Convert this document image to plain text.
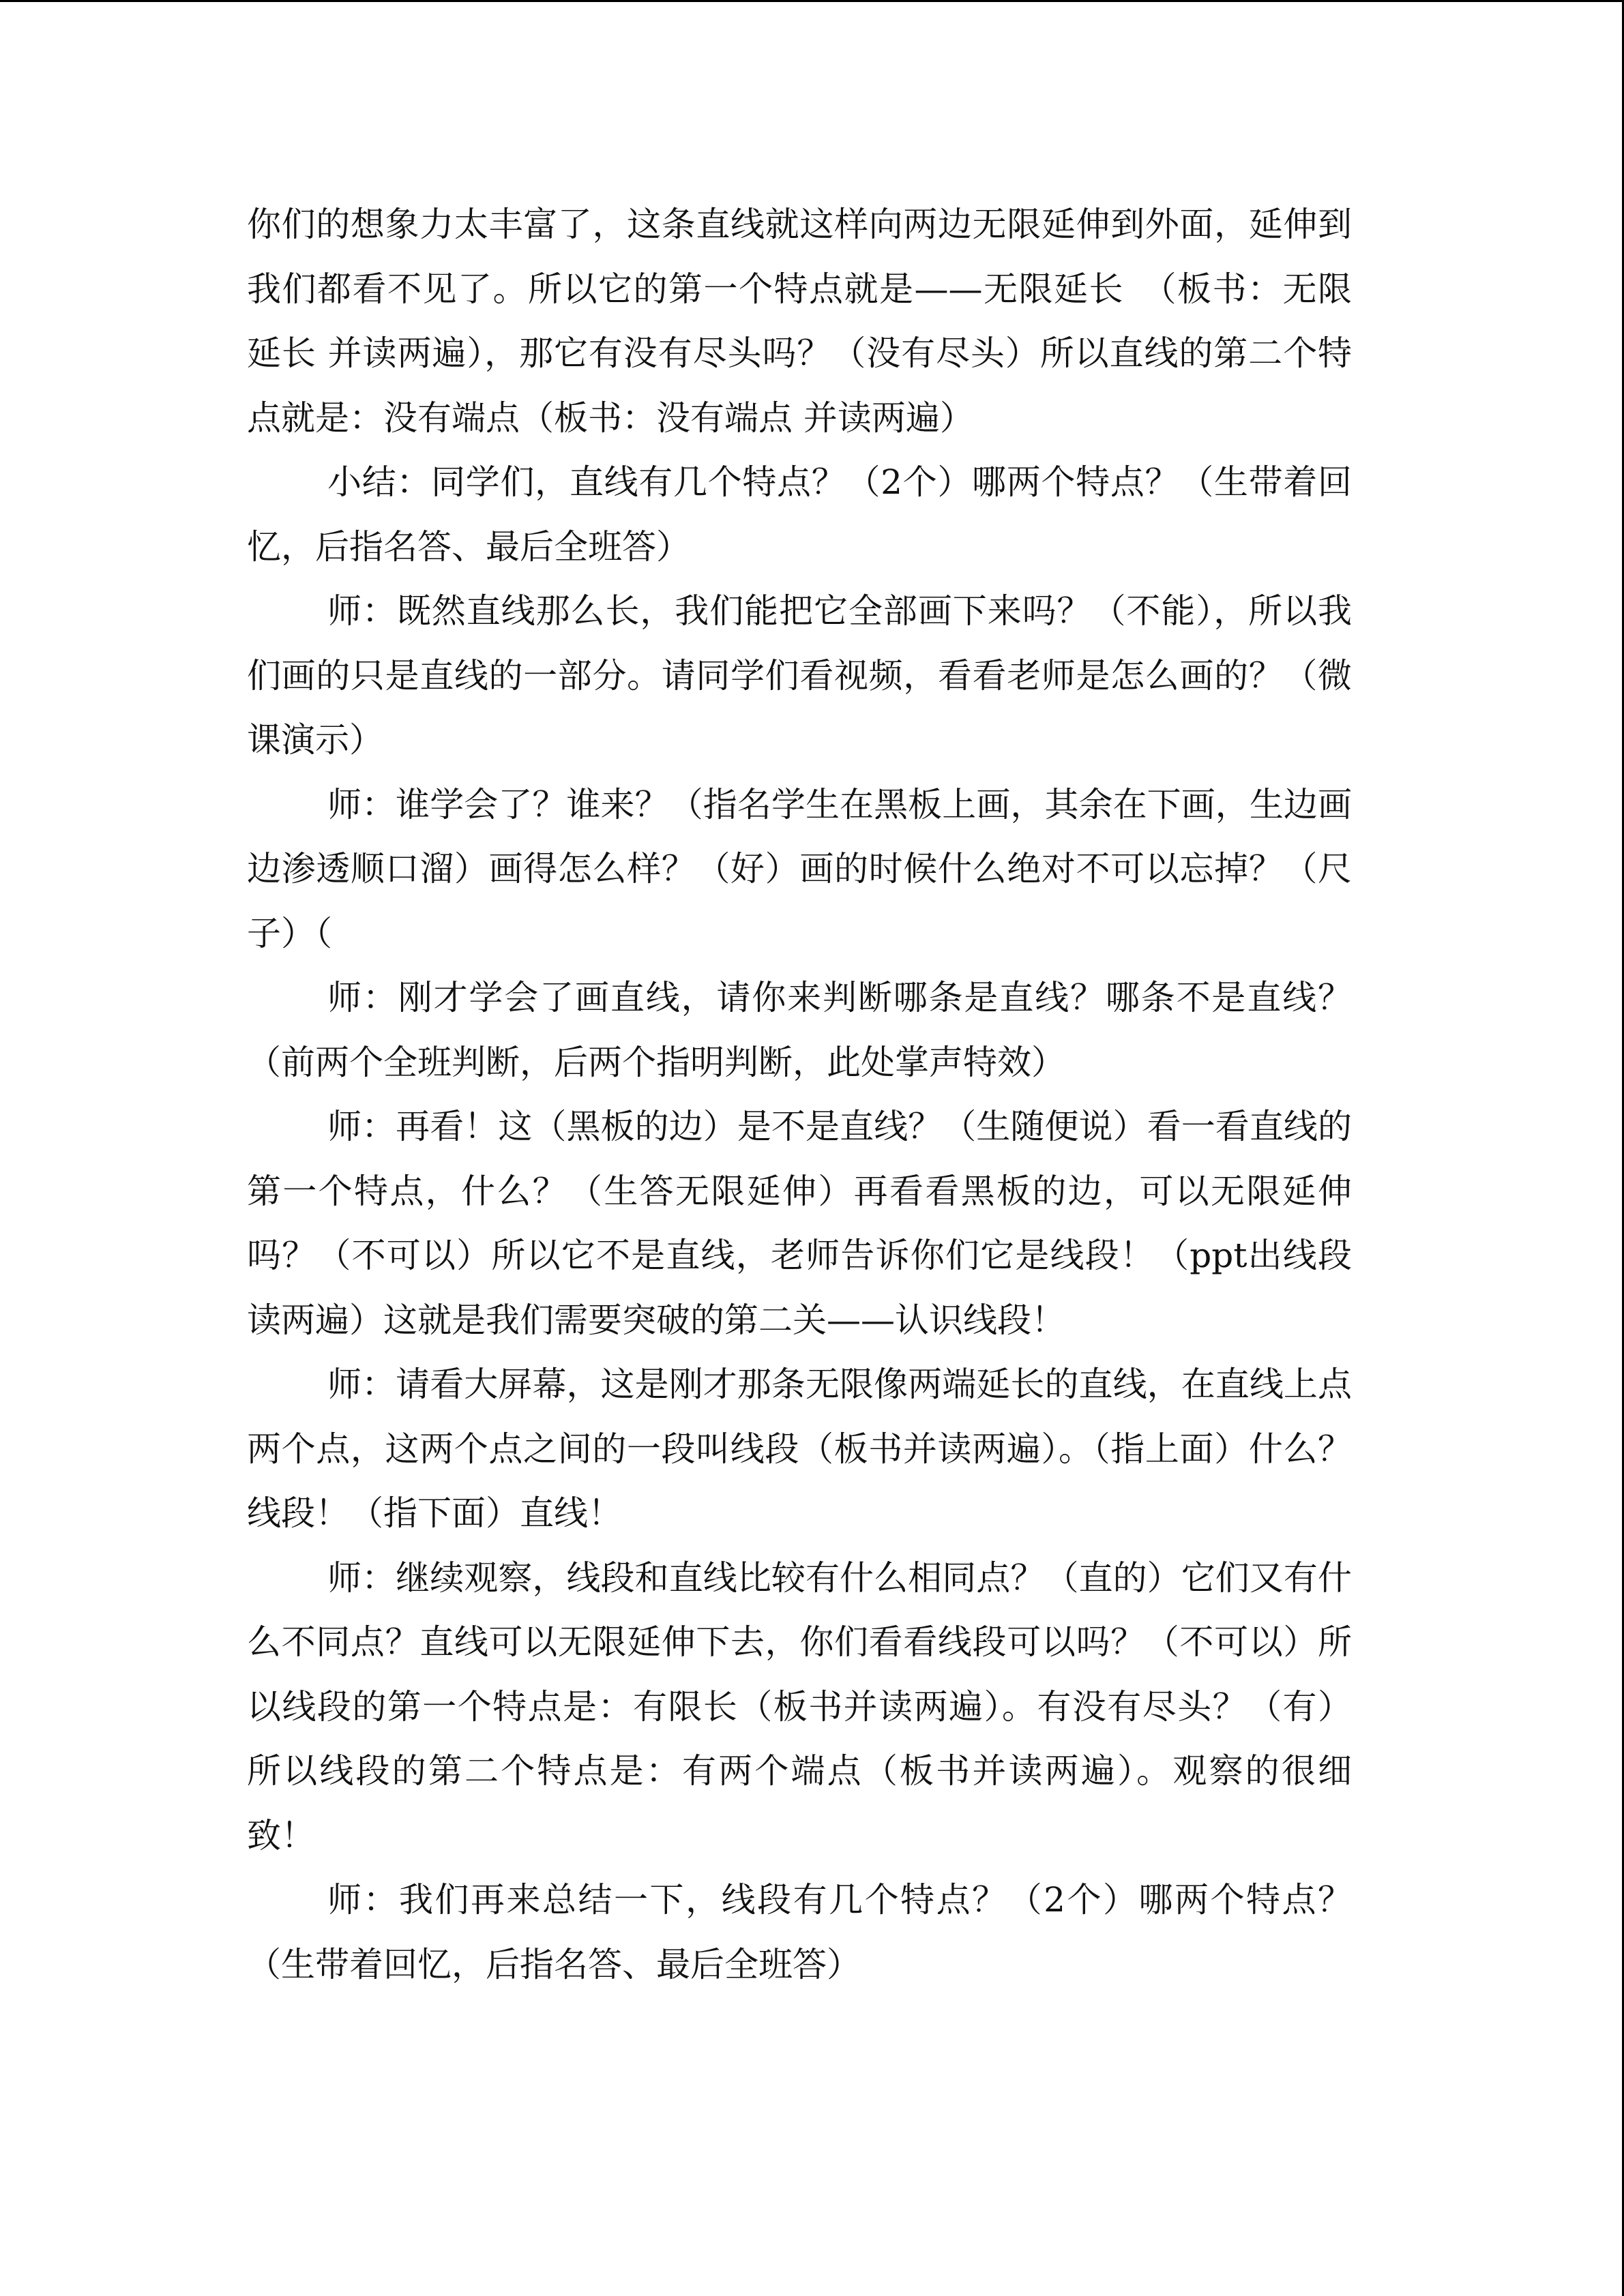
你们的想象力太丰富了，这条直线就这样向两边无限延伸到外面，延伸到我们都看不见了。所以它的第一个特点就是——无限延长　（板书：无限延长 并读两遍），那它有没有尽头吗？（没有尽头）所以直线的第二个特点就是：没有端点（板书：没有端点 并读两遍）

小结：同学们，直线有几个特点？（2个）哪两个特点？（生带着回忆，后指名答、最后全班答）

师：既然直线那么长，我们能把它全部画下来吗？（不能），所以我们画的只是直线的一部分。请同学们看视频，看看老师是怎么画的？（微课演示）

师：谁学会了？谁来？（指名学生在黑板上画，其余在下画，生边画边渗透顺口溜）画得怎么样？（好）画的时候什么绝对不可以忘掉？（尺子）（

师：刚才学会了画直线，请你来判断哪条是直线？哪条不是直线？（前两个全班判断，后两个指明判断，此处掌声特效）

师：再看！这（黑板的边）是不是直线？（生随便说）看一看直线的第一个特点，什么？（生答无限延伸）再看看黑板的边，可以无限延伸吗？（不可以）所以它不是直线，老师告诉你们它是线段！（ppt出线段 读两遍）这就是我们需要突破的第二关——认识线段！

师：请看大屏幕，这是刚才那条无限像两端延长的直线，在直线上点两个点，这两个点之间的一段叫线段（板书并读两遍）。（指上面）什么？线段！（指下面）直线！

师：继续观察，线段和直线比较有什么相同点？（直的）它们又有什么不同点？直线可以无限延伸下去，你们看看线段可以吗？（不可以）所以线段的第一个特点是：有限长（板书并读两遍）。有没有尽头？（有）所以线段的第二个特点是：有两个端点（板书并读两遍）。观察的很细致！

师：我们再来总结一下，线段有几个特点？（2个）哪两个特点？（生带着回忆，后指名答、最后全班答）
